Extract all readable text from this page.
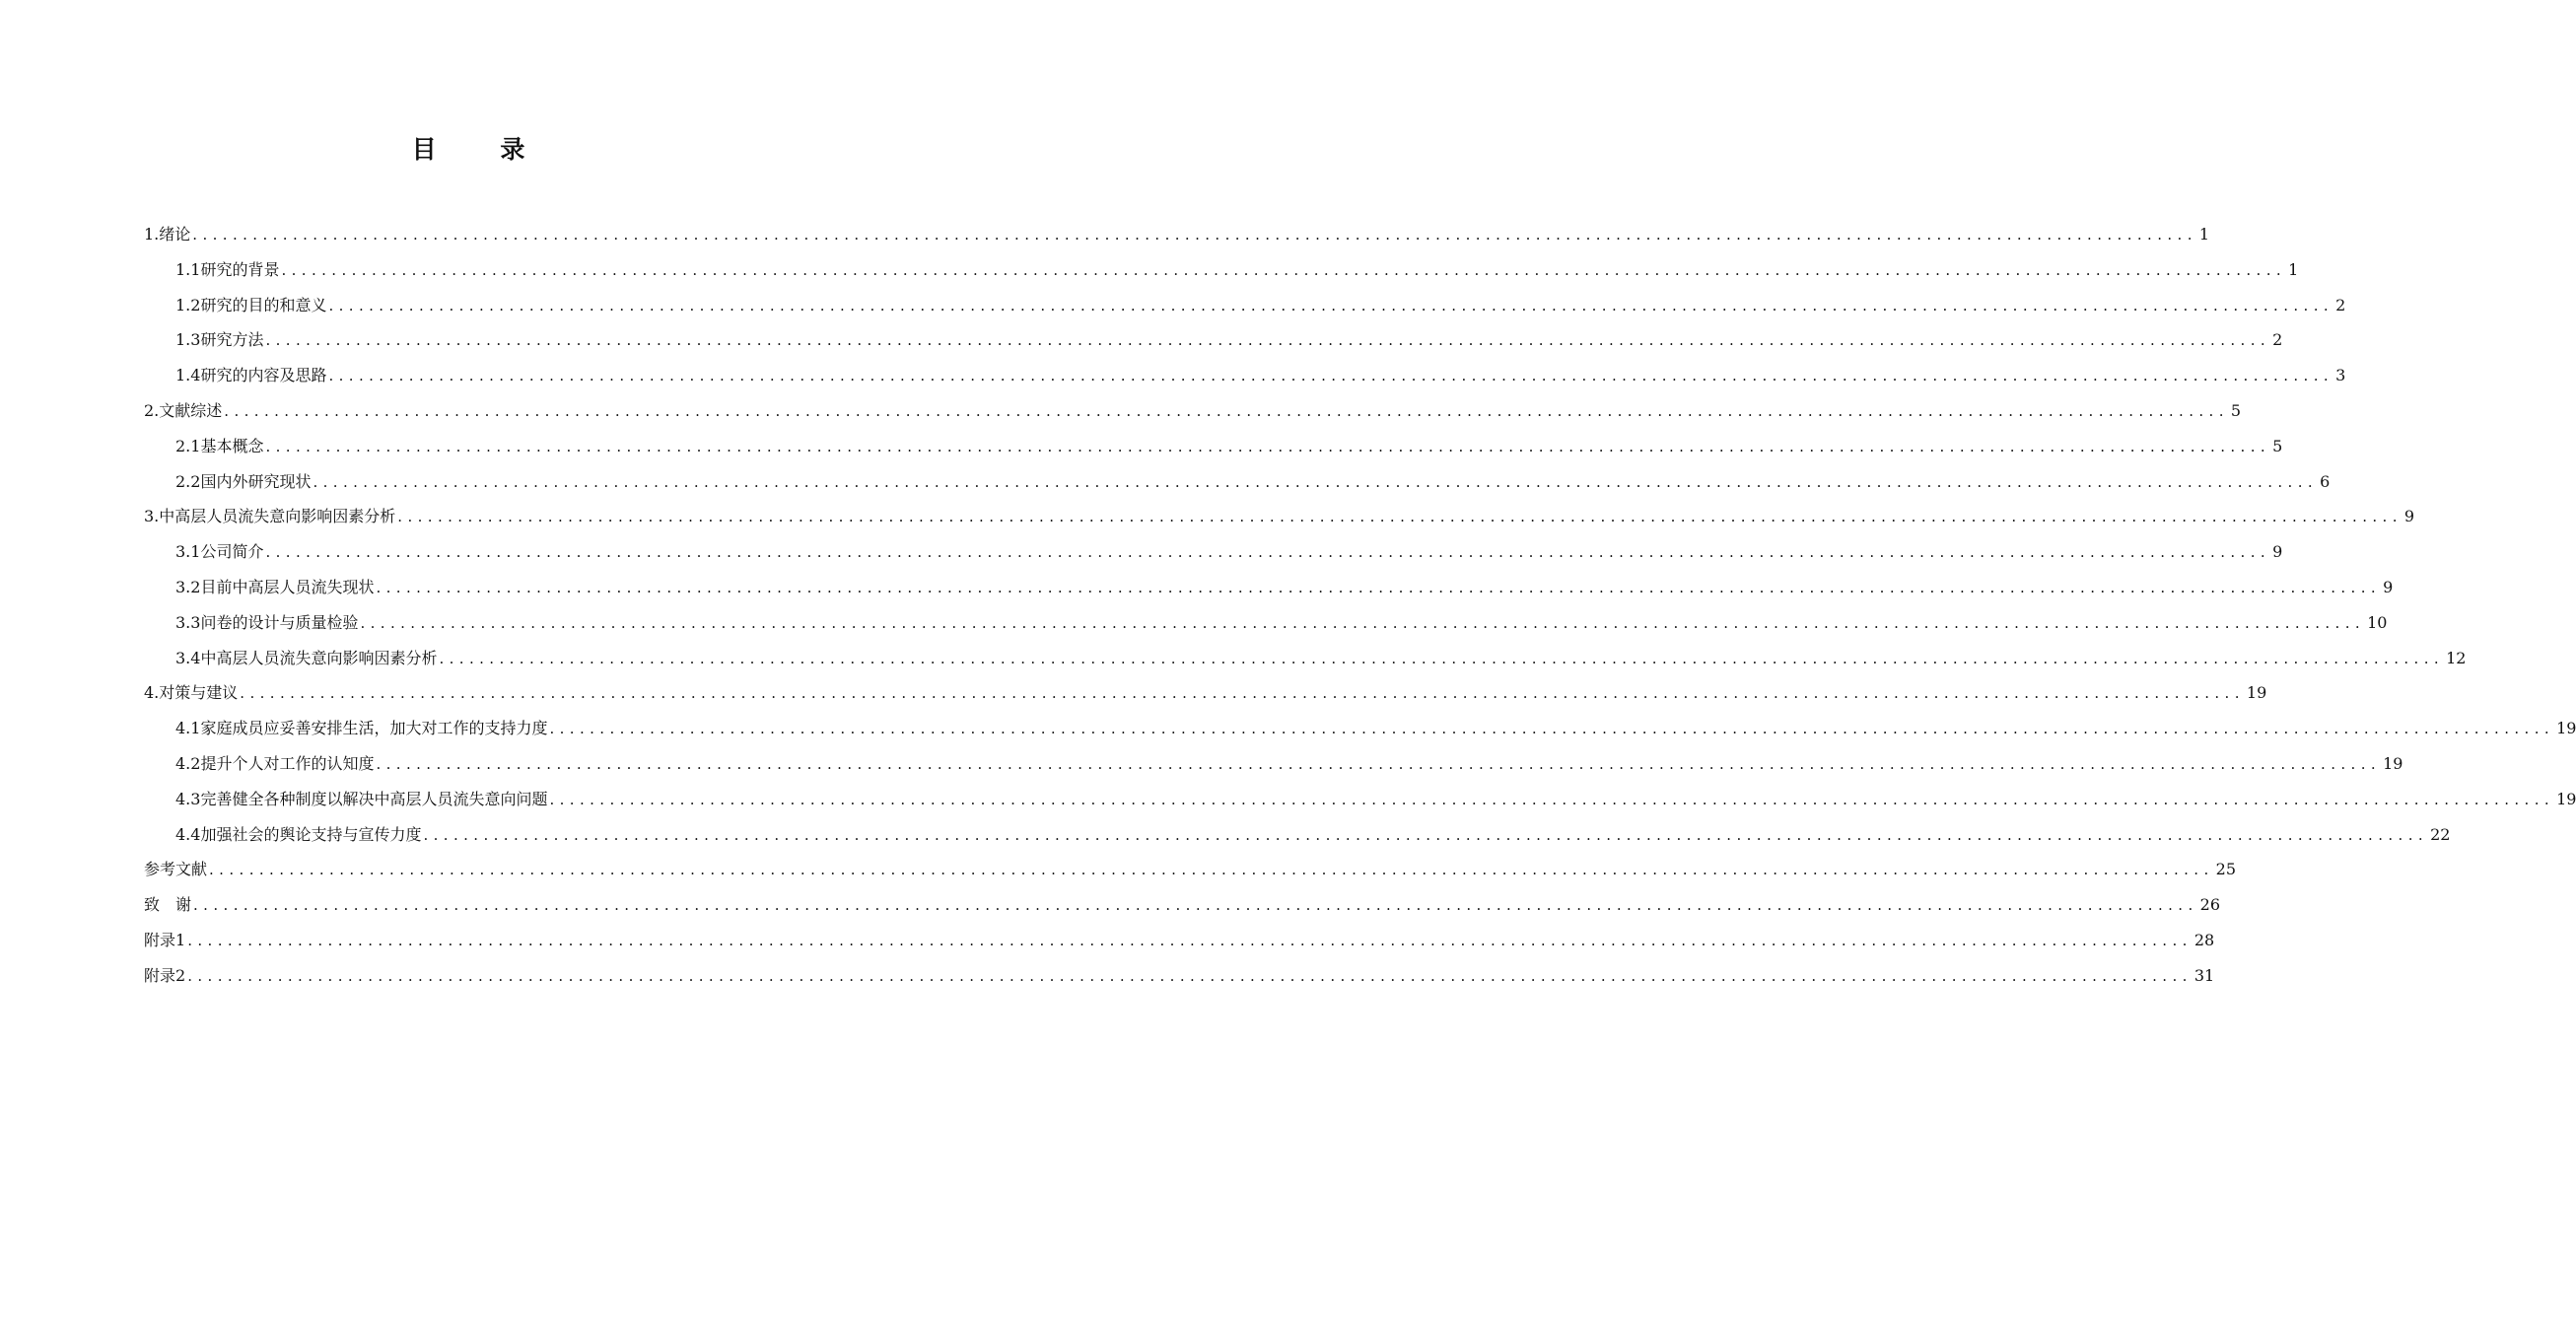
目 录
1.绪论 ........................................................................................................................................................................................................ 1
1.1研究的背景 ........................................................................................................................................................................................................ 1
1.2研究的目的和意义 ........................................................................................................................................................................................................ 2
1.3研究方法 ........................................................................................................................................................................................................ 2
1.4研究的内容及思路 ........................................................................................................................................................................................................ 3
2.文献综述 ........................................................................................................................................................................................................ 5
2.1基本概念 ........................................................................................................................................................................................................ 5
2.2国内外研究现状 ........................................................................................................................................................................................................ 6
3.中高层人员流失意向影响因素分析 ........................................................................................................................................................................................................ 9
3.1公司简介 ........................................................................................................................................................................................................ 9
3.2目前中高层人员流失现状 ........................................................................................................................................................................................................ 9
3.3问卷的设计与质量检验 ........................................................................................................................................................................................................ 10
3.4中高层人员流失意向影响因素分析 ........................................................................................................................................................................................................ 12
4.对策与建议 ........................................................................................................................................................................................................ 19
4.1家庭成员应妥善安排生活，加大对工作的支持力度 ........................................................................................................................................................................................................ 19
4.2提升个人对工作的认知度 ........................................................................................................................................................................................................ 19
4.3完善健全各种制度以解决中高层人员流失意向问题 ........................................................................................................................................................................................................ 19
4.4加强社会的舆论支持与宣传力度 ........................................................................................................................................................................................................ 22
参考文献 ........................................................................................................................................................................................................ 25
致　谢 ........................................................................................................................................................................................................ 26
附录1 ........................................................................................................................................................................................................ 28
附录2 ........................................................................................................................................................................................................ 31
